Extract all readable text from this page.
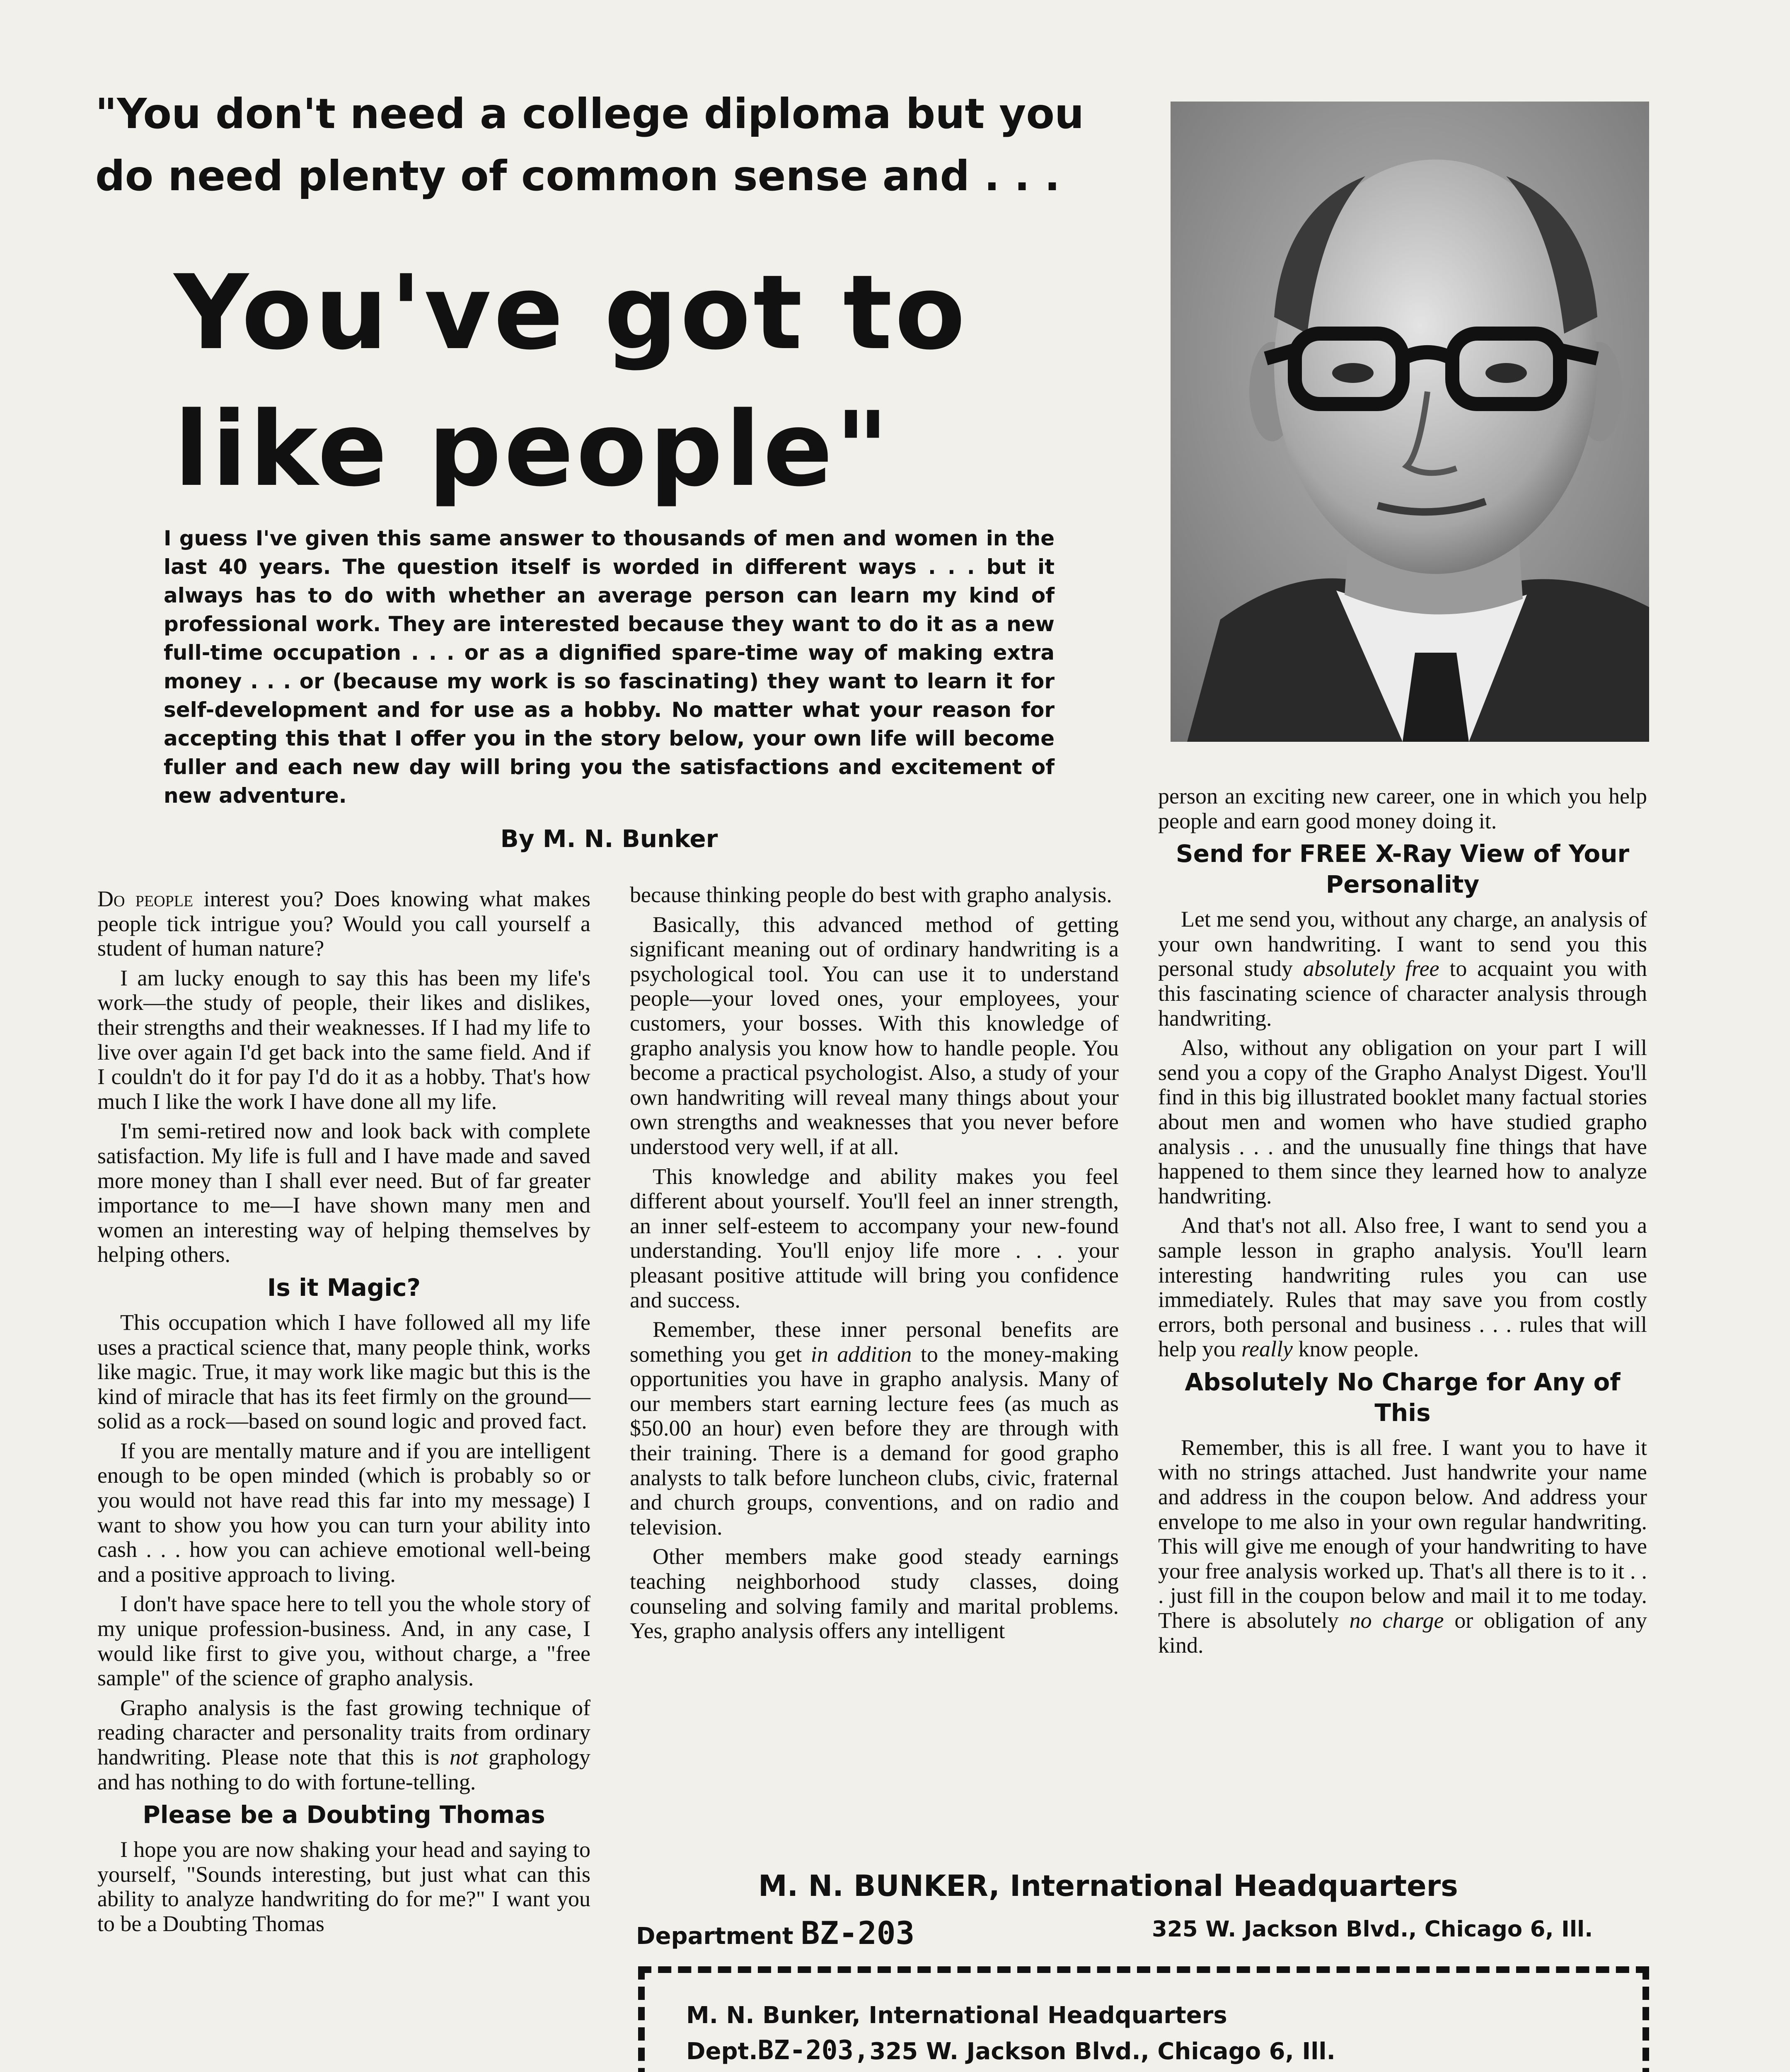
"You don't need a college diploma but you do need plenty of common sense and . . .
You've got to
like people"

I guess I've given this same answer to thousands of men and women in the last 40 years. The question itself is worded in different ways . . . but it always has to do with whether an average person can learn my kind of professional work. They are interested because they want to do it as a new full-time occupation . . . or as a dignified spare-time way of making extra money . . . or (because my work is so fascinating) they want to learn it for self-development and for use as a hobby. No matter what your reason for accepting this that I offer you in the story below, your own life will become fuller and each new day will bring you the satisfactions and excitement of new adventure.

By M. N. Bunker

Do people interest you? Does knowing what makes people tick intrigue you? Would you call yourself a student of human nature?

I am lucky enough to say this has been my life's work—the study of people, their likes and dislikes, their strengths and their weaknesses. If I had my life to live over again I'd get back into the same field. And if I couldn't do it for pay I'd do it as a hobby. That's how much I like the work I have done all my life.

I'm semi-retired now and look back with complete satisfaction. My life is full and I have made and saved more money than I shall ever need. But of far greater importance to me—I have shown many men and women an interesting way of helping themselves by helping others.

Is it Magic?

This occupation which I have followed all my life uses a practical science that, many people think, works like magic. True, it may work like magic but this is the kind of miracle that has its feet firmly on the ground—solid as a rock—based on sound logic and proved fact.

If you are mentally mature and if you are intelligent enough to be open minded (which is probably so or you would not have read this far into my message) I want to show you how you can turn your ability into cash . . . how you can achieve emotional well-being and a positive approach to living.

I don't have space here to tell you the whole story of my unique profession-business. And, in any case, I would like first to give you, without charge, a "free sample" of the science of grapho analysis.

Grapho analysis is the fast growing technique of reading character and personality traits from ordinary handwriting. Please note that this is not graphology and has nothing to do with fortune-telling.

Please be a Doubting Thomas

I hope you are now shaking your head and saying to yourself, "Sounds interesting, but just what can this ability to analyze handwriting do for me?" I want you to be a Doubting Thomas

because thinking people do best with grapho analysis.

Basically, this advanced method of getting significant meaning out of ordinary handwriting is a psychological tool. You can use it to understand people—your loved ones, your employees, your customers, your bosses. With this knowledge of grapho analysis you know how to handle people. You become a practical psychologist. Also, a study of your own handwriting will reveal many things about your own strengths and weaknesses that you never before understood very well, if at all.

This knowledge and ability makes you feel different about yourself. You'll feel an inner strength, an inner self-esteem to accompany your new-found understanding. You'll enjoy life more . . . your pleasant positive attitude will bring you confidence and success.

Remember, these inner personal benefits are something you get in addition to the money-making opportunities you have in grapho analysis. Many of our members start earning lecture fees (as much as $50.00 an hour) even before they are through with their training. There is a demand for good grapho analysts to talk before luncheon clubs, civic, fraternal and church groups, conventions, and on radio and television.

Other members make good steady earnings teaching neighborhood study classes, doing counseling and solving family and marital problems. Yes, grapho analysis offers any intelligent

person an exciting new career, one in which you help people and earn good money doing it.

Send for FREE X-Ray View of Your Personality

Let me send you, without any charge, an analysis of your own handwriting. I want to send you this personal study absolutely free to acquaint you with this fascinating science of character analysis through handwriting.

Also, without any obligation on your part I will send you a copy of the Grapho Analyst Digest. You'll find in this big illustrated booklet many factual stories about men and women who have studied grapho analysis . . . and the unusually fine things that have happened to them since they learned how to analyze handwriting.

And that's not all. Also free, I want to send you a sample lesson in grapho analysis. You'll learn interesting handwriting rules you can use immediately. Rules that may save you from costly errors, both personal and business . . . rules that will help you really know people.

Absolutely No Charge for Any of This

Remember, this is all free. I want you to have it with no strings attached. Just handwrite your name and address in the coupon below. And address your envelope to me also in your own regular handwriting. This will give me enough of your handwriting to have your free analysis worked up. That's all there is to it . . . just fill in the coupon below and mail it to me today. There is absolutely no charge or obligation of any kind.

M. N. BUNKER, International Headquarters
Department BZ-203	325 W. Jackson Blvd., Chicago 6, Ill.
M. N. Bunker, International Headquarters
Dept.BZ-203,325 W. Jackson Blvd., Chicago 6, Ill.
